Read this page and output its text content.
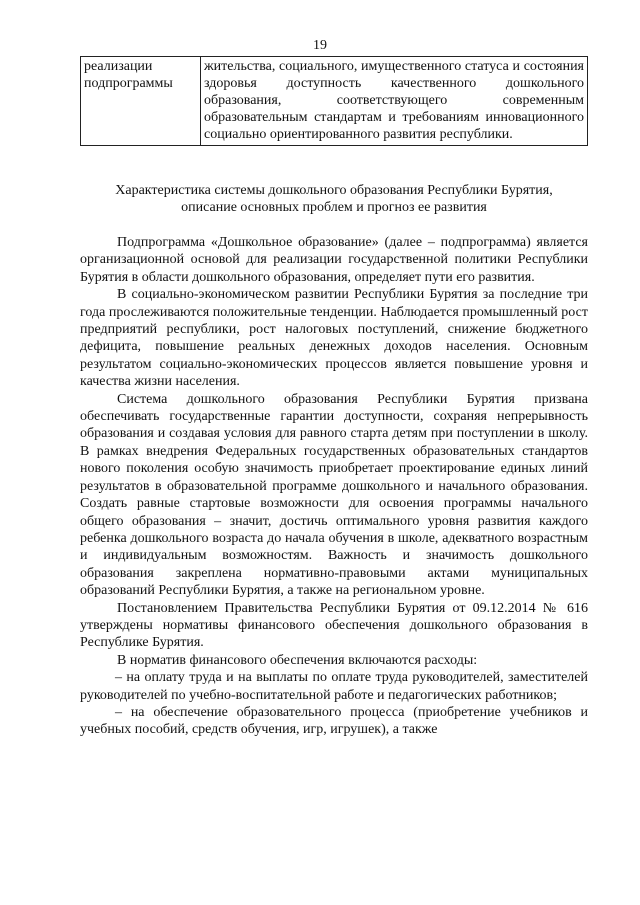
19
реализации подпрограммы	жительства, социального, имущественного статуса и состояния здоровья доступность качественного дошкольного образования, соответствующего современным образовательным стандартам и требованиям инновационного социально ориентированного развития республики.
Характеристика системы дошкольного образования Республики Бурятия,
описание основных проблем и прогноз ее развития

Подпрограмма «Дошкольное образование» (далее – подпрограмма) является организационной основой для реализации государственной политики Республики Бурятия в области дошкольного образования, определяет пути его развития.

В социально-экономическом развитии Республики Бурятия за последние три года прослеживаются положительные тенденции. Наблюдается промышленный рост предприятий республики, рост налоговых поступлений, снижение бюджетного дефицита, повышение реальных денежных доходов населения. Основным результатом социально-экономических процессов является повышение уровня и качества жизни населения.

Система дошкольного образования Республики Бурятия призвана обеспечивать государственные гарантии доступности, сохраняя непрерывность образования и создавая условия для равного старта детям при поступлении в школу. В рамках внедрения Федеральных государственных образовательных стандартов нового поколения особую значимость приобретает проектирование единых линий результатов в образовательной программе дошкольного и начального образования. Создать равные стартовые возможности для освоения программы начального общего образования – значит, достичь оптимального уровня развития каждого ребенка дошкольного возраста до начала обучения в школе, адекватного возрастным и индивидуальным возможностям. Важность и значимость дошкольного образования закреплена нормативно-правовыми актами муниципальных образований Республики Бурятия, а также на региональном уровне.

Постановлением Правительства Республики Бурятия от 09.12.2014 № 616 утверждены нормативы финансового обеспечения дошкольного образования в Республике Бурятия.

В норматив финансового обеспечения включаются расходы:

– на оплату труда и на выплаты по оплате труда руководителей, заместителей руководителей по учебно-воспитательной работе и педагогических работников;

– на обеспечение образовательного процесса (приобретение учебников и учебных пособий, средств обучения, игр, игрушек), а также
